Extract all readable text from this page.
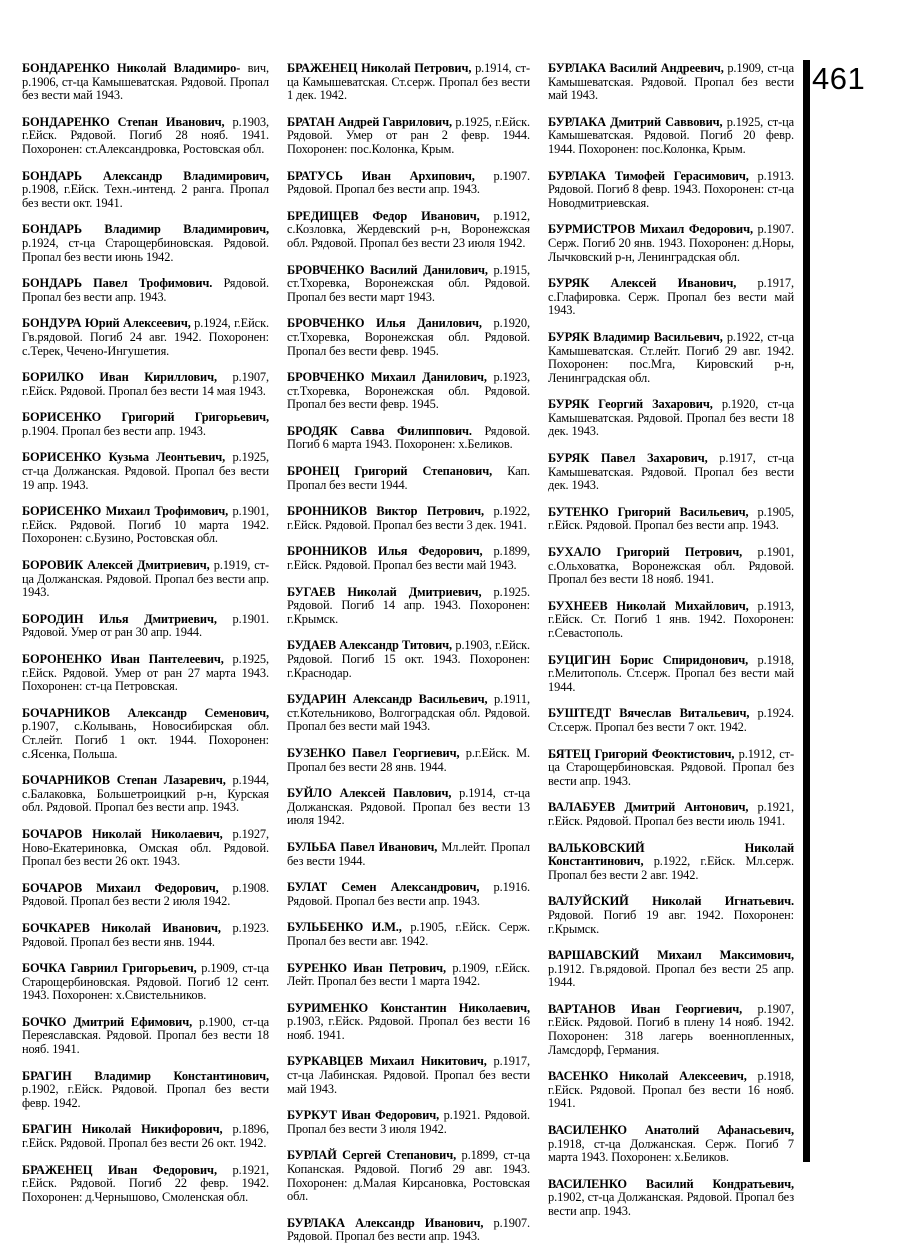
БОНДАРЕНКО Николай Владимиро- вич, р.1906, ст-ца Камышеватская. Рядовой. Пропал без вести май 1943.

БОНДАРЕНКО Степан Иванович, р.1903, г.Ейск. Рядовой. Погиб 28 нояб. 1941. Похоронен: ст.Александровка, Ростовская обл.

БОНДАРЬ Александр Владимирович, р.1908, г.Ейск. Техн.-интенд. 2 ранга. Пропал без вести окт. 1941.

БОНДАРЬ Владимир Владимирович, р.1924, ст-ца Старощербиновская. Рядовой. Пропал без вести июнь 1942.

БОНДАРЬ Павел Трофимович. Рядовой. Пропал без вести апр. 1943.

БОНДУРА Юрий Алексеевич, р.1924, г.Ейск. Гв.рядовой. Погиб 24 авг. 1942. Похоронен: с.Терек, Чечено-Ингушетия.

БОРИЛКО Иван Кириллович, р.1907, г.Ейск. Рядовой. Пропал без вести 14 мая 1943.

БОРИСЕНКО Григорий Григорьевич, р.1904. Пропал без вести апр. 1943.

БОРИСЕНКО Кузьма Леонтьевич, р.1925, ст-ца Должанская. Рядовой. Пропал без вести 19 апр. 1943.

БОРИСЕНКО Михаил Трофимович, р.1901, г.Ейск. Рядовой. Погиб 10 марта 1942. Похоронен: с.Бузино, Ростовская обл.

БОРОВИК Алексей Дмитриевич, р.1919, ст-ца Должанская. Рядовой. Пропал без вести апр. 1943.

БОРОДИН Илья Дмитриевич, р.1901. Рядовой. Умер от ран 30 апр. 1944.

БОРОНЕНКО Иван Пантелеевич, р.1925, г.Ейск. Рядовой. Умер от ран 27 марта 1943. Похоронен: ст-ца Петровская.

БОЧАРНИКОВ Александр Семенович, р.1907, с.Колывань, Новосибирская обл. Ст.лейт. Погиб 1 окт. 1944. Похоронен: с.Ясенка, Польша.

БОЧАРНИКОВ Степан Лазаревич, р.1944, с.Балаковка, Большетроицкий р-н, Курская обл. Рядовой. Пропал без вести апр. 1943.

БОЧАРОВ Николай Николаевич, р.1927, Ново-Екатериновка, Омская обл. Рядовой. Пропал без вести 26 окт. 1943.

БОЧАРОВ Михаил Федорович, р.1908. Рядовой. Пропал без вести 2 июля 1942.

БОЧКАРЕВ Николай Иванович, р.1923. Рядовой. Пропал без вести янв. 1944.

БОЧКА Гавриил Григорьевич, р.1909, ст-ца Старощербиновская. Рядовой. Погиб 12 сент. 1943. Похоронен: х.Свистельников.

БОЧКО Дмитрий Ефимович, р.1900, ст-ца Переяславская. Рядовой. Пропал без вести 18 нояб. 1941.

БРАГИН Владимир Константинович, р.1902, г.Ейск. Рядовой. Пропал без вести февр. 1942.

БРАГИН Николай Никифорович, р.1896, г.Ейск. Рядовой. Пропал без вести 26 окт. 1942.

БРАЖЕНЕЦ Иван Федорович, р.1921, г.Ейск. Рядовой. Погиб 22 февр. 1942. Похоронен: д.Чернышово, Смоленская обл.

БРАЖЕНЕЦ Николай Петрович, р.1914, ст-ца Камышеватская. Ст.серж. Пропал без вести 1 дек. 1942.

БРАТАН Андрей Гаврилович, р.1925, г.Ейск. Рядовой. Умер от ран 2 февр. 1944. Похоронен: пос.Колонка, Крым.

БРАТУСЬ Иван Архипович, р.1907. Рядовой. Пропал без вести апр. 1943.

БРЕДИЩЕВ Федор Иванович, р.1912, с.Козловка, Жердевский р-н, Воронежская обл. Рядовой. Пропал без вести 23 июля 1942.

БРОВЧЕНКО Василий Данилович, р.1915, ст.Тхоревка, Воронежская обл. Рядовой. Пропал без вести март 1943.

БРОВЧЕНКО Илья Данилович, р.1920, ст.Тхоревка, Воронежская обл. Рядовой. Пропал без вести февр. 1945.

БРОВЧЕНКО Михаил Данилович, р.1923, ст.Тхоревка, Воронежская обл. Рядовой. Пропал без вести февр. 1945.

БРОДЯК Савва Филиппович. Рядовой. Погиб 6 марта 1943. Похоронен: х.Беликов.

БРОНЕЦ Григорий Степанович, Кап. Пропал без вести 1944.

БРОННИКОВ Виктор Петрович, р.1922, г.Ейск. Рядовой. Пропал без вести 3 дек. 1941.

БРОННИКОВ Илья Федорович, р.1899, г.Ейск. Рядовой. Пропал без вести май 1943.

БУГАЕВ Николай Дмитриевич, р.1925. Рядовой. Погиб 14 апр. 1943. Похоронен: г.Крымск.

БУДАЕВ Александр Титович, р.1903, г.Ейск. Рядовой. Погиб 15 окт. 1943. Похоронен: г.Краснодар.

БУДАРИН Александр Васильевич, р.1911, ст.Котельниково, Волгоградская обл. Рядовой. Пропал без вести май 1943.

БУЗЕНКО Павел Георгиевич, р.г.Ейск. М. Пропал без вести 28 янв. 1944.

БУЙЛО Алексей Павлович, р.1914, ст-ца Должанская. Рядовой. Пропал без вести 13 июля 1942.

БУЛЬБА Павел Иванович, Мл.лейт. Пропал без вести 1944.

БУЛАТ Семен Александрович, р.1916. Рядовой. Пропал без вести апр. 1943.

БУЛЬБЕНКО И.М., р.1905, г.Ейск. Серж. Пропал без вести авг. 1942.

БУРЕНКО Иван Петрович, р.1909, г.Ейск. Лейт. Пропал без вести 1 марта 1942.

БУРИМЕНКО Константин Николаевич, р.1903, г.Ейск. Рядовой. Пропал без вести 16 нояб. 1941.

БУРКАВЦЕВ Михаил Никитович, р.1917, ст-ца Лабинская. Рядовой. Пропал без вести май 1943.

БУРКУТ Иван Федорович, р.1921. Рядовой. Пропал без вести 3 июля 1942.

БУРЛАЙ Сергей Степанович, р.1899, ст-ца Копанская. Рядовой. Погиб 29 авг. 1943. Похоронен: д.Малая Кирсановка, Ростовская обл.

БУРЛАКА Александр Иванович, р.1907. Рядовой. Пропал без вести апр. 1943.

БУРЛАКА Василий Андреевич, р.1909, ст-ца Камышеватская. Рядовой. Пропал без вести май 1943.

БУРЛАКА Дмитрий Саввович, р.1925, ст-ца Камышеватская. Рядовой. Погиб 20 февр. 1944. Похоронен: пос.Колонка, Крым.

БУРЛАКА Тимофей Герасимович, р.1913. Рядовой. Погиб 8 февр. 1943. Похоронен: ст-ца Новодмитриевская.

БУРМИСТРОВ Михаил Федорович, р.1907. Серж. Погиб 20 янв. 1943. Похоронен: д.Норы, Лычковский р-н, Ленинградская обл.

БУРЯК Алексей Иванович, р.1917, с.Глафировка. Серж. Пропал без вести май 1943.

БУРЯК Владимир Васильевич, р.1922, ст-ца Камышеватская. Ст.лейт. Погиб 29 авг. 1942. Похоронен: пос.Мга, Кировский р-н, Ленинградская обл.

БУРЯК Георгий Захарович, р.1920, ст-ца Камышеватская. Рядовой. Пропал без вести 18 дек. 1943.

БУРЯК Павел Захарович, р.1917, ст-ца Камышеватская. Рядовой. Пропал без вести дек. 1943.

БУТЕНКО Григорий Васильевич, р.1905, г.Ейск. Рядовой. Пропал без вести апр. 1943.

БУХАЛО Григорий Петрович, р.1901, с.Ольховатка, Воронежская обл. Рядовой. Пропал без вести 18 нояб. 1941.

БУХНЕЕВ Николай Михайлович, р.1913, г.Ейск. Ст. Погиб 1 янв. 1942. Похоронен: г.Севастополь.

БУЦИГИН Борис Спиридонович, р.1918, г.Мелитополь. Ст.серж. Пропал без вести май 1944.

БУШТЕДТ Вячеслав Витальевич, р.1924. Ст.серж. Пропал без вести 7 окт. 1942.

БЯТЕЦ Григорий Феоктистович, р.1912, ст-ца Старощербиновская. Рядовой. Пропал без вести апр. 1943.

ВАЛАБУЕВ Дмитрий Антонович, р.1921, г.Ейск. Рядовой. Пропал без вести июль 1941.

ВАЛЬКОВСКИЙ	Николай Константинович, р.1922, г.Ейск. Мл.серж. Пропал без вести 2 авг. 1942.

ВАЛУЙСКИЙ Николай Игнатьевич. Рядовой. Погиб 19 авг. 1942. Похоронен: г.Крымск.

ВАРШАВСКИЙ Михаил Максимович, р.1912. Гв.рядовой. Пропал без вести 25 апр. 1944.

ВАРТАНОВ Иван Георгиевич, р.1907, г.Ейск. Рядовой. Погиб в плену 14 нояб. 1942. Похоронен: 318 лагерь военнопленных, Ламсдорф, Германия.

ВАСЕНКО Николай Алексеевич, р.1918, г.Ейск. Рядовой. Пропал без вести 16 нояб. 1941.

ВАСИЛЕНКО Анатолий Афанасьевич, р.1918, ст-ца Должанская. Серж. Погиб 7 марта 1943. Похоронен: х.Беликов.

ВАСИЛЕНКО Василий Кондратьевич, р.1902, ст-ца Должанская. Рядовой. Пропал без вести апр. 1943.

461
